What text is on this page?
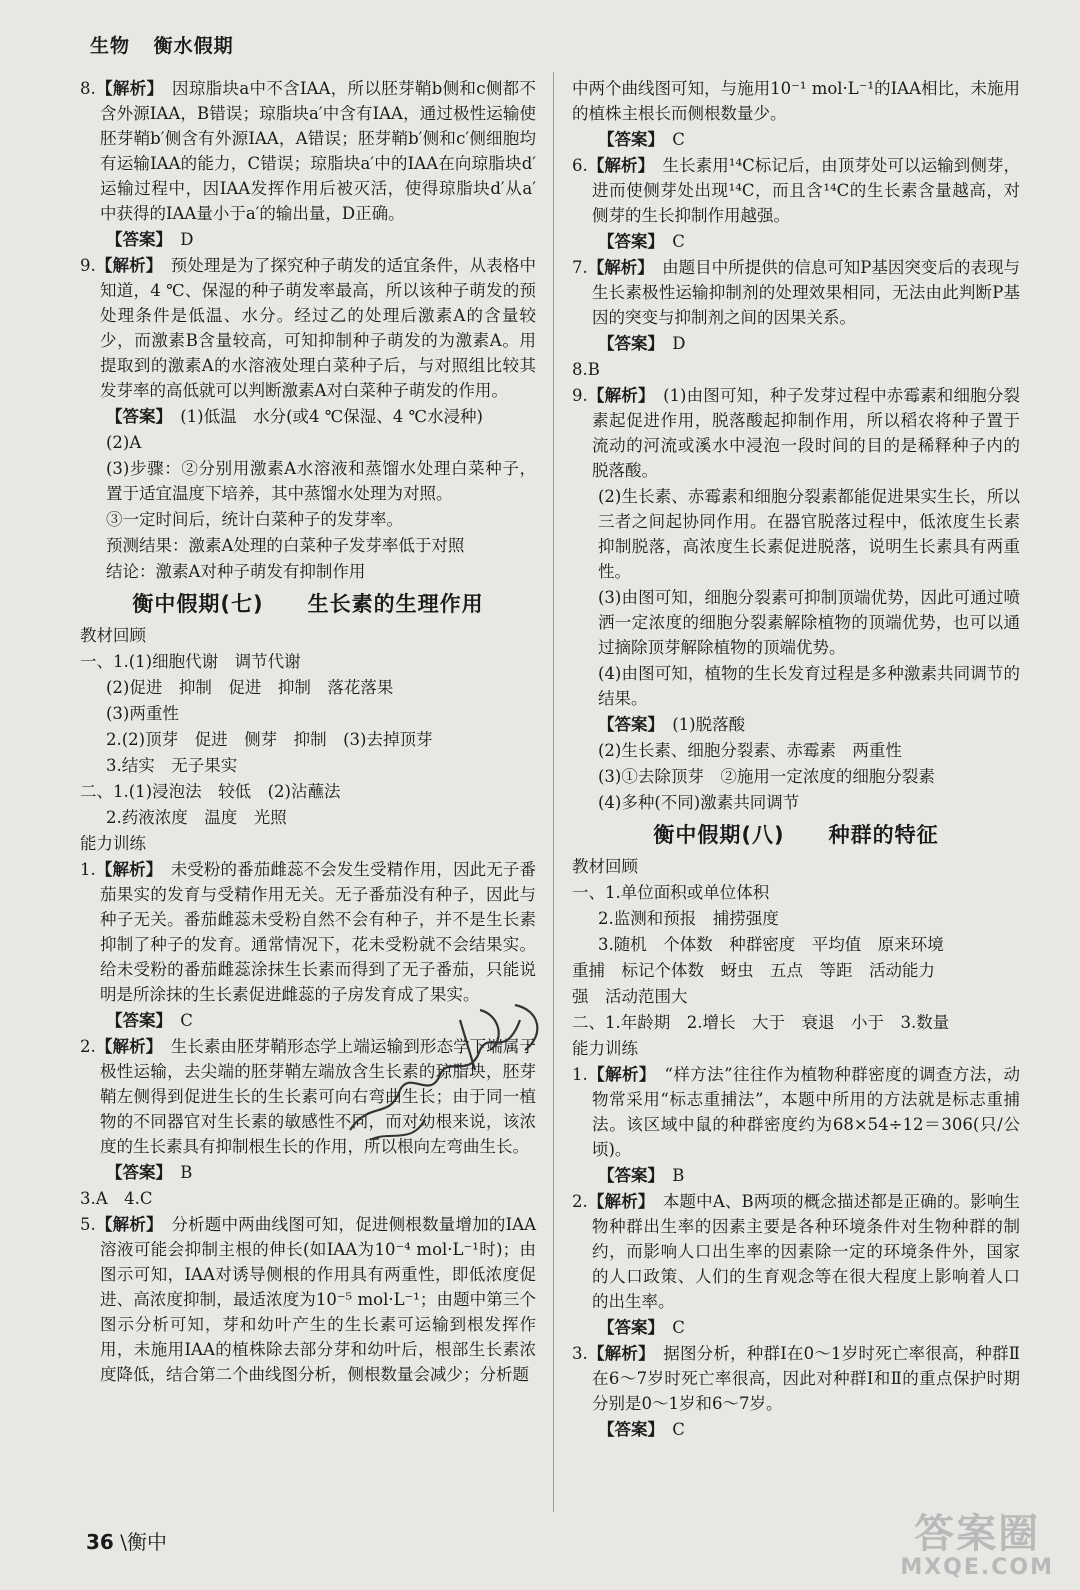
生物 衡水假期

8.【解析】　 因琼脂块a中不含IAA，所以胚芽鞘b侧和c侧都不含外源IAA，B错误；琼脂块a′中含有IAA，通过极性运输使胚芽鞘b′侧含有外源IAA，A错误；胚芽鞘b′侧和c′侧细胞均有运输IAA的能力，C错误；琼脂块a′中的IAA在向琼脂块d′运输过程中，因IAA发挥作用后被灭活，使得琼脂块d′从a′中获得的IAA量小于a′的输出量，D正确。

【答案】　 D

9.【解析】　 预处理是为了探究种子萌发的适宜条件，从表格中知道，4 ℃、保湿的种子萌发率最高，所以该种子萌发的预处理条件是低温、水分。经过乙的处理后激素A的含量较少，而激素B含量较高，可知抑制种子萌发的为激素A。用提取到的激素A的水溶液处理白菜种子后，与对照组比较其发芽率的高低就可以判断激素A对白菜种子萌发的作用。

【答案】　 (1)低温　水分(或4 ℃保湿、4 ℃水浸种)

(2)A

(3)步骤：②分别用激素A水溶液和蒸馏水处理白菜种子，置于适宜温度下培养，其中蒸馏水处理为对照。

③一定时间后，统计白菜种子的发芽率。

预测结果：激素A处理的白菜种子发芽率低于对照

结论：激素A对种子萌发有抑制作用

衡中假期(七)　　 生长素的生理作用

教材回顾

一、1.(1)细胞代谢　调节代谢

(2)促进　抑制　促进　抑制　落花落果

(3)两重性

2.(2)顶芽　促进　侧芽　抑制　(3)去掉顶芽

3.结实　无子果实

二、1.(1)浸泡法　较低　(2)沾蘸法

2.药液浓度　温度　光照

能力训练

1.【解析】　 未受粉的番茄雌蕊不会发生受精作用，因此无子番茄果实的发育与受精作用无关。无子番茄没有种子，因此与种子无关。番茄雌蕊未受粉自然不会有种子，并不是生长素抑制了种子的发育。通常情况下，花未受粉就不会结果实。给未受粉的番茄雌蕊涂抹生长素而得到了无子番茄，只能说明是所涂抹的生长素促进雌蕊的子房发育成了果实。

【答案】　 C

2.【解析】　 生长素由胚芽鞘形态学上端运输到形态学下端属于极性运输，去尖端的胚芽鞘左端放含生长素的琼脂块，胚芽鞘左侧得到促进生长的生长素可向右弯曲生长；由于同一植物的不同器官对生长素的敏感性不同，而对幼根来说，该浓度的生长素具有抑制根生长的作用，所以根向左弯曲生长。

【答案】　 B

3.A　4.C

5.【解析】　 分析题中两曲线图可知，促进侧根数量增加的IAA溶液可能会抑制主根的伸长(如IAA为10⁻⁴ mol·L⁻¹时)；由图示可知，IAA对诱导侧根的作用具有两重性，即低浓度促进、高浓度抑制，最适浓度为10⁻⁵ mol·L⁻¹；由题中第三个图示分析可知，芽和幼叶产生的生长素可运输到根发挥作用，未施用IAA的植株除去部分芽和幼叶后，根部生长素浓度降低，结合第二个曲线图分析，侧根数量会减少；分析题

中两个曲线图可知，与施用10⁻¹ mol·L⁻¹的IAA相比，未施用的植株主根长而侧根数量少。

【答案】　 C

6.【解析】　 生长素用¹⁴C标记后，由顶芽处可以运输到侧芽，进而使侧芽处出现¹⁴C，而且含¹⁴C的生长素含量越高，对侧芽的生长抑制作用越强。

【答案】　 C

7.【解析】　 由题目中所提供的信息可知P基因突变后的表现与生长素极性运输抑制剂的处理效果相同，无法由此判断P基因的突变与抑制剂之间的因果关系。

【答案】　 D

8.B

9.【解析】　 (1)由图可知，种子发芽过程中赤霉素和细胞分裂素起促进作用，脱落酸起抑制作用，所以稻农将种子置于流动的河流或溪水中浸泡一段时间的目的是稀释种子内的脱落酸。

(2)生长素、赤霉素和细胞分裂素都能促进果实生长，所以三者之间起协同作用。在器官脱落过程中，低浓度生长素抑制脱落，高浓度生长素促进脱落，说明生长素具有两重性。

(3)由图可知，细胞分裂素可抑制顶端优势，因此可通过喷洒一定浓度的细胞分裂素解除植物的顶端优势，也可以通过摘除顶芽解除植物的顶端优势。

(4)由图可知，植物的生长发育过程是多种激素共同调节的结果。

【答案】　 (1)脱落酸

(2)生长素、细胞分裂素、赤霉素　两重性

(3)①去除顶芽　②施用一定浓度的细胞分裂素

(4)多种(不同)激素共同调节

衡中假期(八)　　 种群的特征

教材回顾

一、1.单位面积或单位体积

2.监测和预报　捕捞强度

3.随机　个体数　种群密度　平均值　原来环境

重捕　标记个体数　蚜虫　五点　等距　活动能力

强　活动范围大

二、1.年龄期　2.增长　大于　衰退　小于　3.数量

能力训练

1.【解析】　 “样方法”往往作为植物种群密度的调查方法，动物常采用“标志重捕法”，本题中所用的方法就是标志重捕法。该区域中鼠的种群密度约为68×54÷12＝306(只/公顷)。

【答案】　 B

2.【解析】　 本题中A、B两项的概念描述都是正确的。影响生物种群出生率的因素主要是各种环境条件对生物种群的制约，而影响人口出生率的因素除一定的环境条件外，国家的人口政策、人们的生育观念等在很大程度上影响着人口的出生率。

【答案】　 C

3.【解析】　 据图分析，种群Ⅰ在0～1岁时死亡率很高，种群Ⅱ在6～7岁时死亡率很高，因此对种群Ⅰ和Ⅱ的重点保护时期分别是0～1岁和6～7岁。

【答案】　 C

36 \衡中	答案圈
MXQE.COM
